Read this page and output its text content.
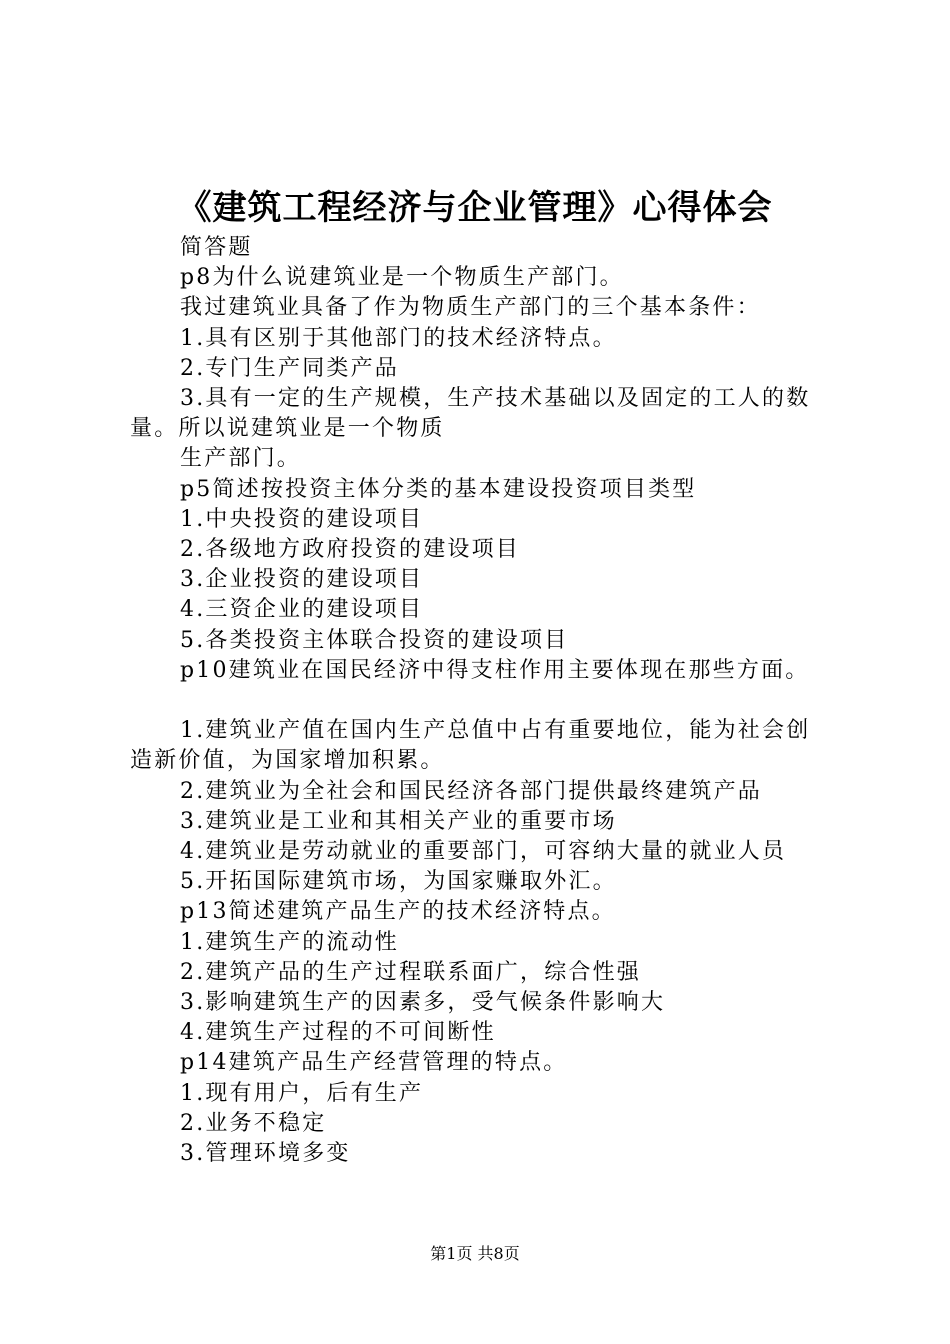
《建筑工程经济与企业管理》心得体会

简答题

p8为什么说建筑业是一个物质生产部门。

我过建筑业具备了作为物质生产部门的三个基本条件：

1.具有区别于其他部门的技术经济特点。

2.专门生产同类产品

3.具有一定的生产规模，生产技术基础以及固定的工人的数量。所以说建筑业是一个物质

生产部门。

p5简述按投资主体分类的基本建设投资项目类型

1.中央投资的建设项目

2.各级地方政府投资的建设项目

3.企业投资的建设项目

4.三资企业的建设项目

5.各类投资主体联合投资的建设项目

p10建筑业在国民经济中得支柱作用主要体现在那些方面。

1.建筑业产值在国内生产总值中占有重要地位，能为社会创造新价值，为国家增加积累。

2.建筑业为全社会和国民经济各部门提供最终建筑产品

3.建筑业是工业和其相关产业的重要市场

4.建筑业是劳动就业的重要部门，可容纳大量的就业人员

5.开拓国际建筑市场，为国家赚取外汇。

p13简述建筑产品生产的技术经济特点。

1.建筑生产的流动性

2.建筑产品的生产过程联系面广，综合性强

3.影响建筑生产的因素多，受气候条件影响大

4.建筑生产过程的不可间断性

p14建筑产品生产经营管理的特点。

1.现有用户，后有生产

2.业务不稳定

3.管理环境多变

第1页 共8页
